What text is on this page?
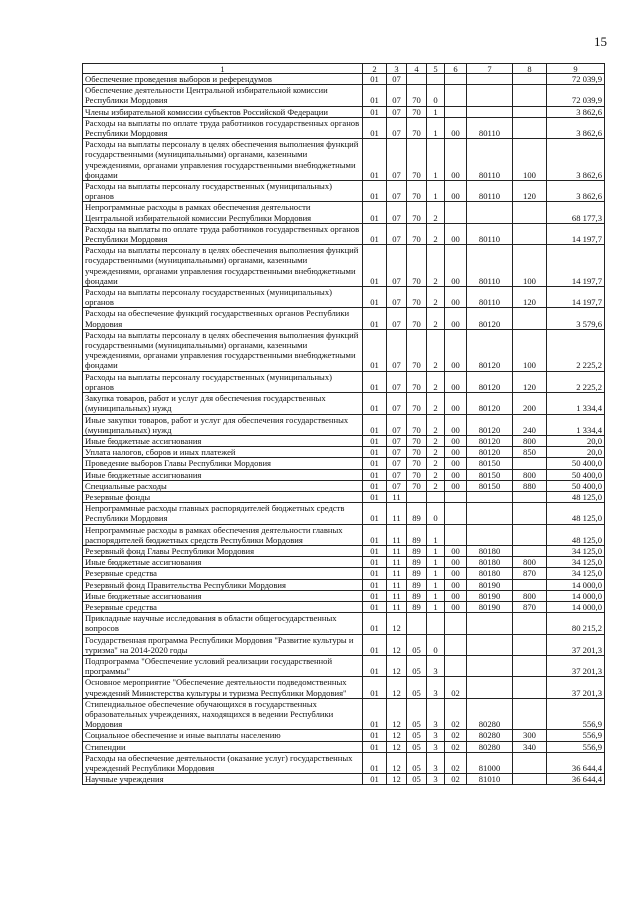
15
1	2	3	4	5	6	7	8	9
Обеспечение проведения выборов и референдумов	01	07						72 039,9
Обеспечение деятельности Центральной избирательной комиссии Республики Мордовия	01	07	70	0				72 039,9
Члены избирательной комиссии субъектов Российской Федерации	01	07	70	1				3 862,6
Расходы на выплаты по оплате труда работников государственных органов Республики Мордовия	01	07	70	1	00	80110		3 862,6
Расходы на выплаты персоналу в целях обеспечения выполнения функций государственными (муниципальными) органами, казенными учреждениями, органами управления государственными внебюджетными фондами	01	07	70	1	00	80110	100	3 862,6
Расходы на выплаты персоналу государственных (муниципальных) органов	01	07	70	1	00	80110	120	3 862,6
Непрограммные расходы в рамках обеспечения деятельности Центральной избирательной комиссии Республики Мордовия	01	07	70	2				68 177,3
Расходы на выплаты по оплате труда работников государственных органов Республики Мордовия	01	07	70	2	00	80110		14 197,7
Расходы на выплаты персоналу в целях обеспечения выполнения функций государственными (муниципальными) органами, казенными учреждениями, органами управления государственными внебюджетными фондами	01	07	70	2	00	80110	100	14 197,7
Расходы на выплаты персоналу государственных (муниципальных) органов	01	07	70	2	00	80110	120	14 197,7
Расходы на обеспечение функций государственных органов Республики Мордовия	01	07	70	2	00	80120		3 579,6
Расходы на выплаты персоналу в целях обеспечения выполнения функций государственными (муниципальными) органами, казенными учреждениями, органами управления государственными внебюджетными фондами	01	07	70	2	00	80120	100	2 225,2
Расходы на выплаты персоналу государственных (муниципальных) органов	01	07	70	2	00	80120	120	2 225,2
Закупка товаров, работ и услуг для обеспечения государственных (муниципальных) нужд	01	07	70	2	00	80120	200	1 334,4
Иные закупки товаров, работ и услуг для обеспечения государственных (муниципальных) нужд	01	07	70	2	00	80120	240	1 334,4
Иные бюджетные ассигнования	01	07	70	2	00	80120	800	20,0
Уплата налогов, сборов и иных платежей	01	07	70	2	00	80120	850	20,0
Проведение выборов Главы Республики Мордовия	01	07	70	2	00	80150		50 400,0
Иные бюджетные ассигнования	01	07	70	2	00	80150	800	50 400,0
Специальные расходы	01	07	70	2	00	80150	880	50 400,0
Резервные фонды	01	11						48 125,0
Непрограммные расходы главных распорядителей бюджетных средств Республики Мордовия	01	11	89	0				48 125,0
Непрограммные расходы в рамках обеспечения деятельности главных распорядителей бюджетных средств Республики Мордовия	01	11	89	1				48 125,0
Резервный фонд Главы Республики Мордовия	01	11	89	1	00	80180		34 125,0
Иные бюджетные ассигнования	01	11	89	1	00	80180	800	34 125,0
Резервные средства	01	11	89	1	00	80180	870	34 125,0
Резервный фонд Правительства Республики Мордовия	01	11	89	1	00	80190		14 000,0
Иные бюджетные ассигнования	01	11	89	1	00	80190	800	14 000,0
Резервные средства	01	11	89	1	00	80190	870	14 000,0
Прикладные научные исследования в области общегосударственных вопросов	01	12						80 215,2
Государственная программа Республики Мордовия "Развитие культуры и туризма" на 2014-2020 годы	01	12	05	0				37 201,3
Подпрограмма "Обеспечение условий реализации государственной программы"	01	12	05	3				37 201,3
Основное мероприятие "Обеспечение деятельности подведомственных учреждений Министерства культуры и туризма Республики Мордовия"	01	12	05	3	02			37 201,3
Стипендиальное обеспечение обучающихся в государственных образовательных учреждениях, находящихся в ведении Республики Мордовия	01	12	05	3	02	80280		556,9
Социальное обеспечение и иные выплаты населению	01	12	05	3	02	80280	300	556,9
Стипендии	01	12	05	3	02	80280	340	556,9
Расходы на обеспечение деятельности (оказание услуг) государственных учреждений Республики Мордовия	01	12	05	3	02	81000		36 644,4
Научные учреждения	01	12	05	3	02	81010		36 644,4
